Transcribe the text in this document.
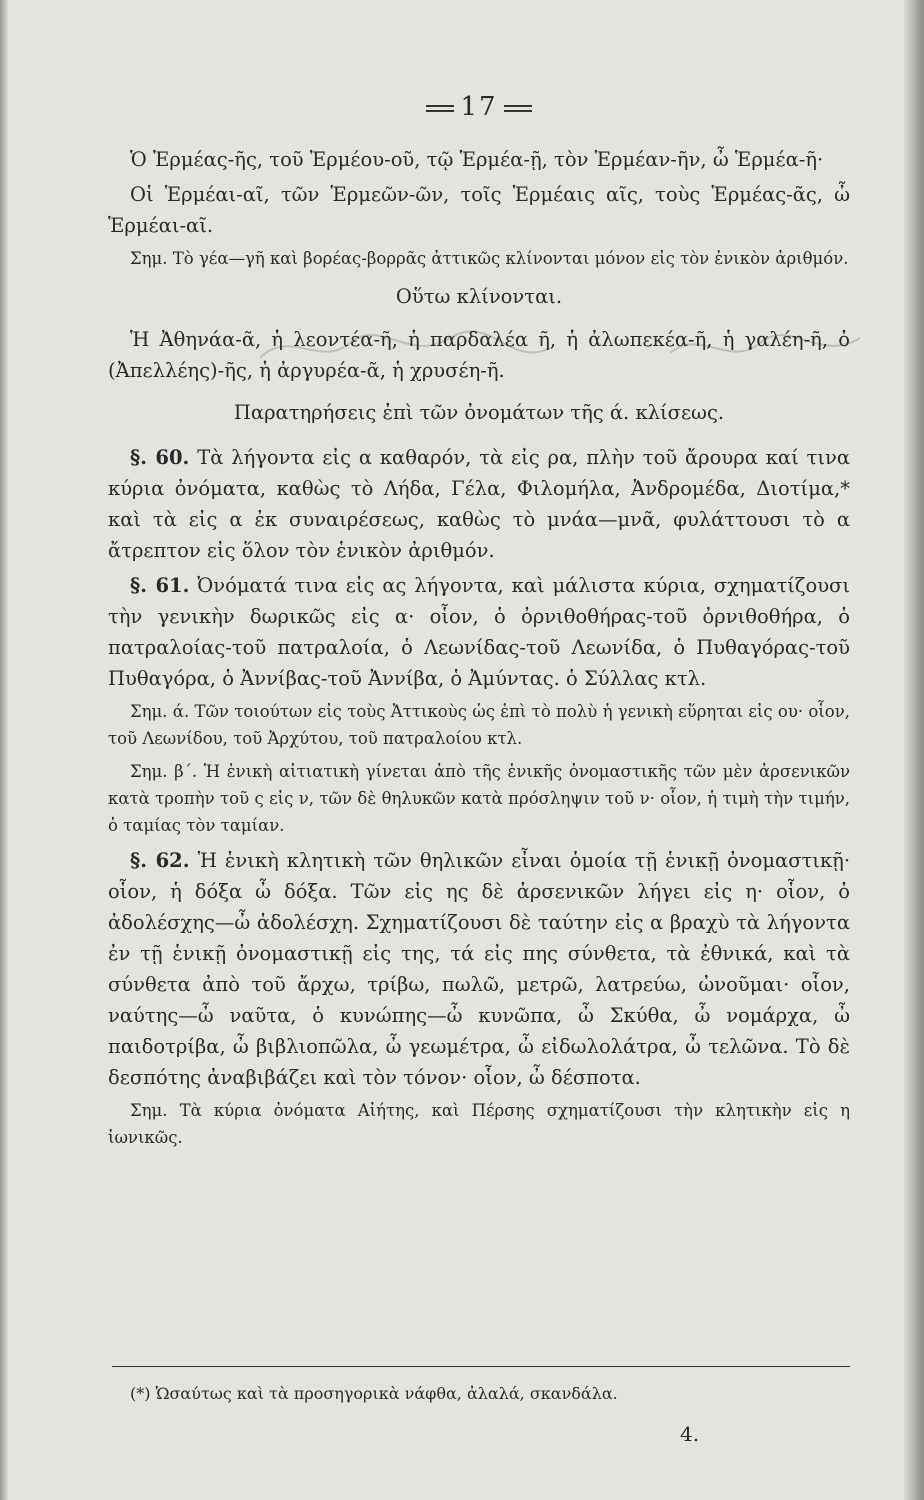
17

Ὁ Ἑρμέας-ῆς, τοῦ Ἑρμέου-οῦ, τῷ Ἑρμέα-ῇ, τὸν Ἑρμέαν-ῆν, ὦ Ἑρμέα-ῆ·

Οἱ Ἑρμέαι-αῖ, τῶν Ἑρμεῶν-ῶν, τοῖς Ἑρμέαις αῖς, τοὺς Ἑρμέας-ᾶς, ὦ Ἑρμέαι-αῖ.

Σημ. Τὸ γέα—γῆ καὶ βορέας-βορρᾶς ἀττικῶς κλίνονται μόνον εἰς τὸν ἑνικὸν ἀριθμόν.

Οὕτω κλίνονται.

Ἡ Ἀθηνάα-ᾶ, ἡ λεοντέα-ῆ, ἡ παρδαλέα ῆ, ἡ ἀλωπεκέα-ῆ, ἡ γαλέη-ῆ, ὁ (Ἀπελλέης)-ῆς, ἡ ἀργυρέα-ᾶ, ἡ χρυσέη-ῆ.

Παρατηρήσεις ἐπὶ τῶν ὀνομάτων τῆς ά. κλίσεως.

§. 60. Τὰ λήγοντα εἰς α καθαρόν, τὰ εἰς ρα, πλὴν τοῦ ἄρουρα καί τινα κύρια ὀνόματα, καθὼς τὸ Λήδα, Γέλα, Φιλομήλα, Ἀνδρομέδα, Διοτίμα,* καὶ τὰ εἰς α ἐκ συναιρέσεως, καθὼς τὸ μνάα—μνᾶ, φυλάττουσι τὸ α ἄτρεπτον εἰς ὅλον τὸν ἑνικὸν ἀριθμόν.

§. 61. Ὀνόματά τινα εἰς ας λήγοντα, καὶ μάλιστα κύρια, σχηματίζουσι τὴν γενικὴν δωρικῶς εἰς α· οἷον, ὁ ὀρνιθοθήρας-τοῦ ὀρνιθοθήρα, ὁ πατραλοίας-τοῦ πατραλοία, ὁ Λεωνίδας-τοῦ Λεωνίδα, ὁ Πυθαγόρας-τοῦ Πυθαγόρα, ὁ Ἀννίβας-τοῦ Ἀννίβα, ὁ Ἀμύντας. ὁ Σύλλας κτλ.

Σημ. ά. Τῶν τοιούτων εἰς τοὺς Ἀττικοὺς ὡς ἐπὶ τὸ πολὺ ἡ γενικὴ εὕρηται εἰς ου· οἷον, τοῦ Λεωνίδου, τοῦ Ἀρχύτου, τοῦ πατραλοίου κτλ.

Σημ. β΄. Ἡ ἑνικὴ αἰτιατικὴ γίνεται ἀπὸ τῆς ἑνικῆς ὀνομαστικῆς τῶν μὲν ἀρσενικῶν κατὰ τροπὴν τοῦ ς εἰς ν, τῶν δὲ θηλυκῶν κατὰ πρόσληψιν τοῦ ν· οἷον, ἡ τιμὴ τὴν τιμήν, ὁ ταμίας τὸν ταμίαν.

§. 62. Ἡ ἑνικὴ κλητικὴ τῶν θηλικῶν εἶναι ὁμοία τῇ ἑνικῇ ὀνομαστικῇ· οἷον, ἡ δόξα ὦ δόξα. Τῶν εἰς ης δὲ ἀρσενικῶν λήγει εἰς η· οἷον, ὁ ἀδολέσχης—ὦ ἀδολέσχη. Σχηματίζουσι δὲ ταύτην εἰς α βραχὺ τὰ λήγοντα ἐν τῇ ἑνικῇ ὀνομαστικῇ εἰς της, τά εἰς πης σύνθετα, τὰ ἐθνικά, καὶ τὰ σύνθετα ἀπὸ τοῦ ἄρχω, τρίβω, πωλῶ, μετρῶ, λατρεύω, ὠνοῦμαι· οἷον, ναύτης—ὦ ναῦτα, ὁ κυνώπης—ὦ κυνῶπα, ὦ Σκύθα, ὦ νομάρχα, ὦ παιδοτρίβα, ὦ βιβλιοπῶλα, ὦ γεωμέτρα, ὦ εἰδωλολάτρα, ὦ τελῶνα. Τὸ δὲ δεσπότης ἀναβιβάζει καὶ τὸν τόνον· οἷον, ὦ δέσποτα.

Σημ. Τὰ κύρια ὀνόματα Αἰήτης, καὶ Πέρσης σχηματίζουσι τὴν κλητικὴν εἰς η ἰωνικῶς.

(*) Ὡσαύτως καὶ τὰ προσηγορικὰ νάφθα, ἀλαλά, σκανδάλα.
4.
